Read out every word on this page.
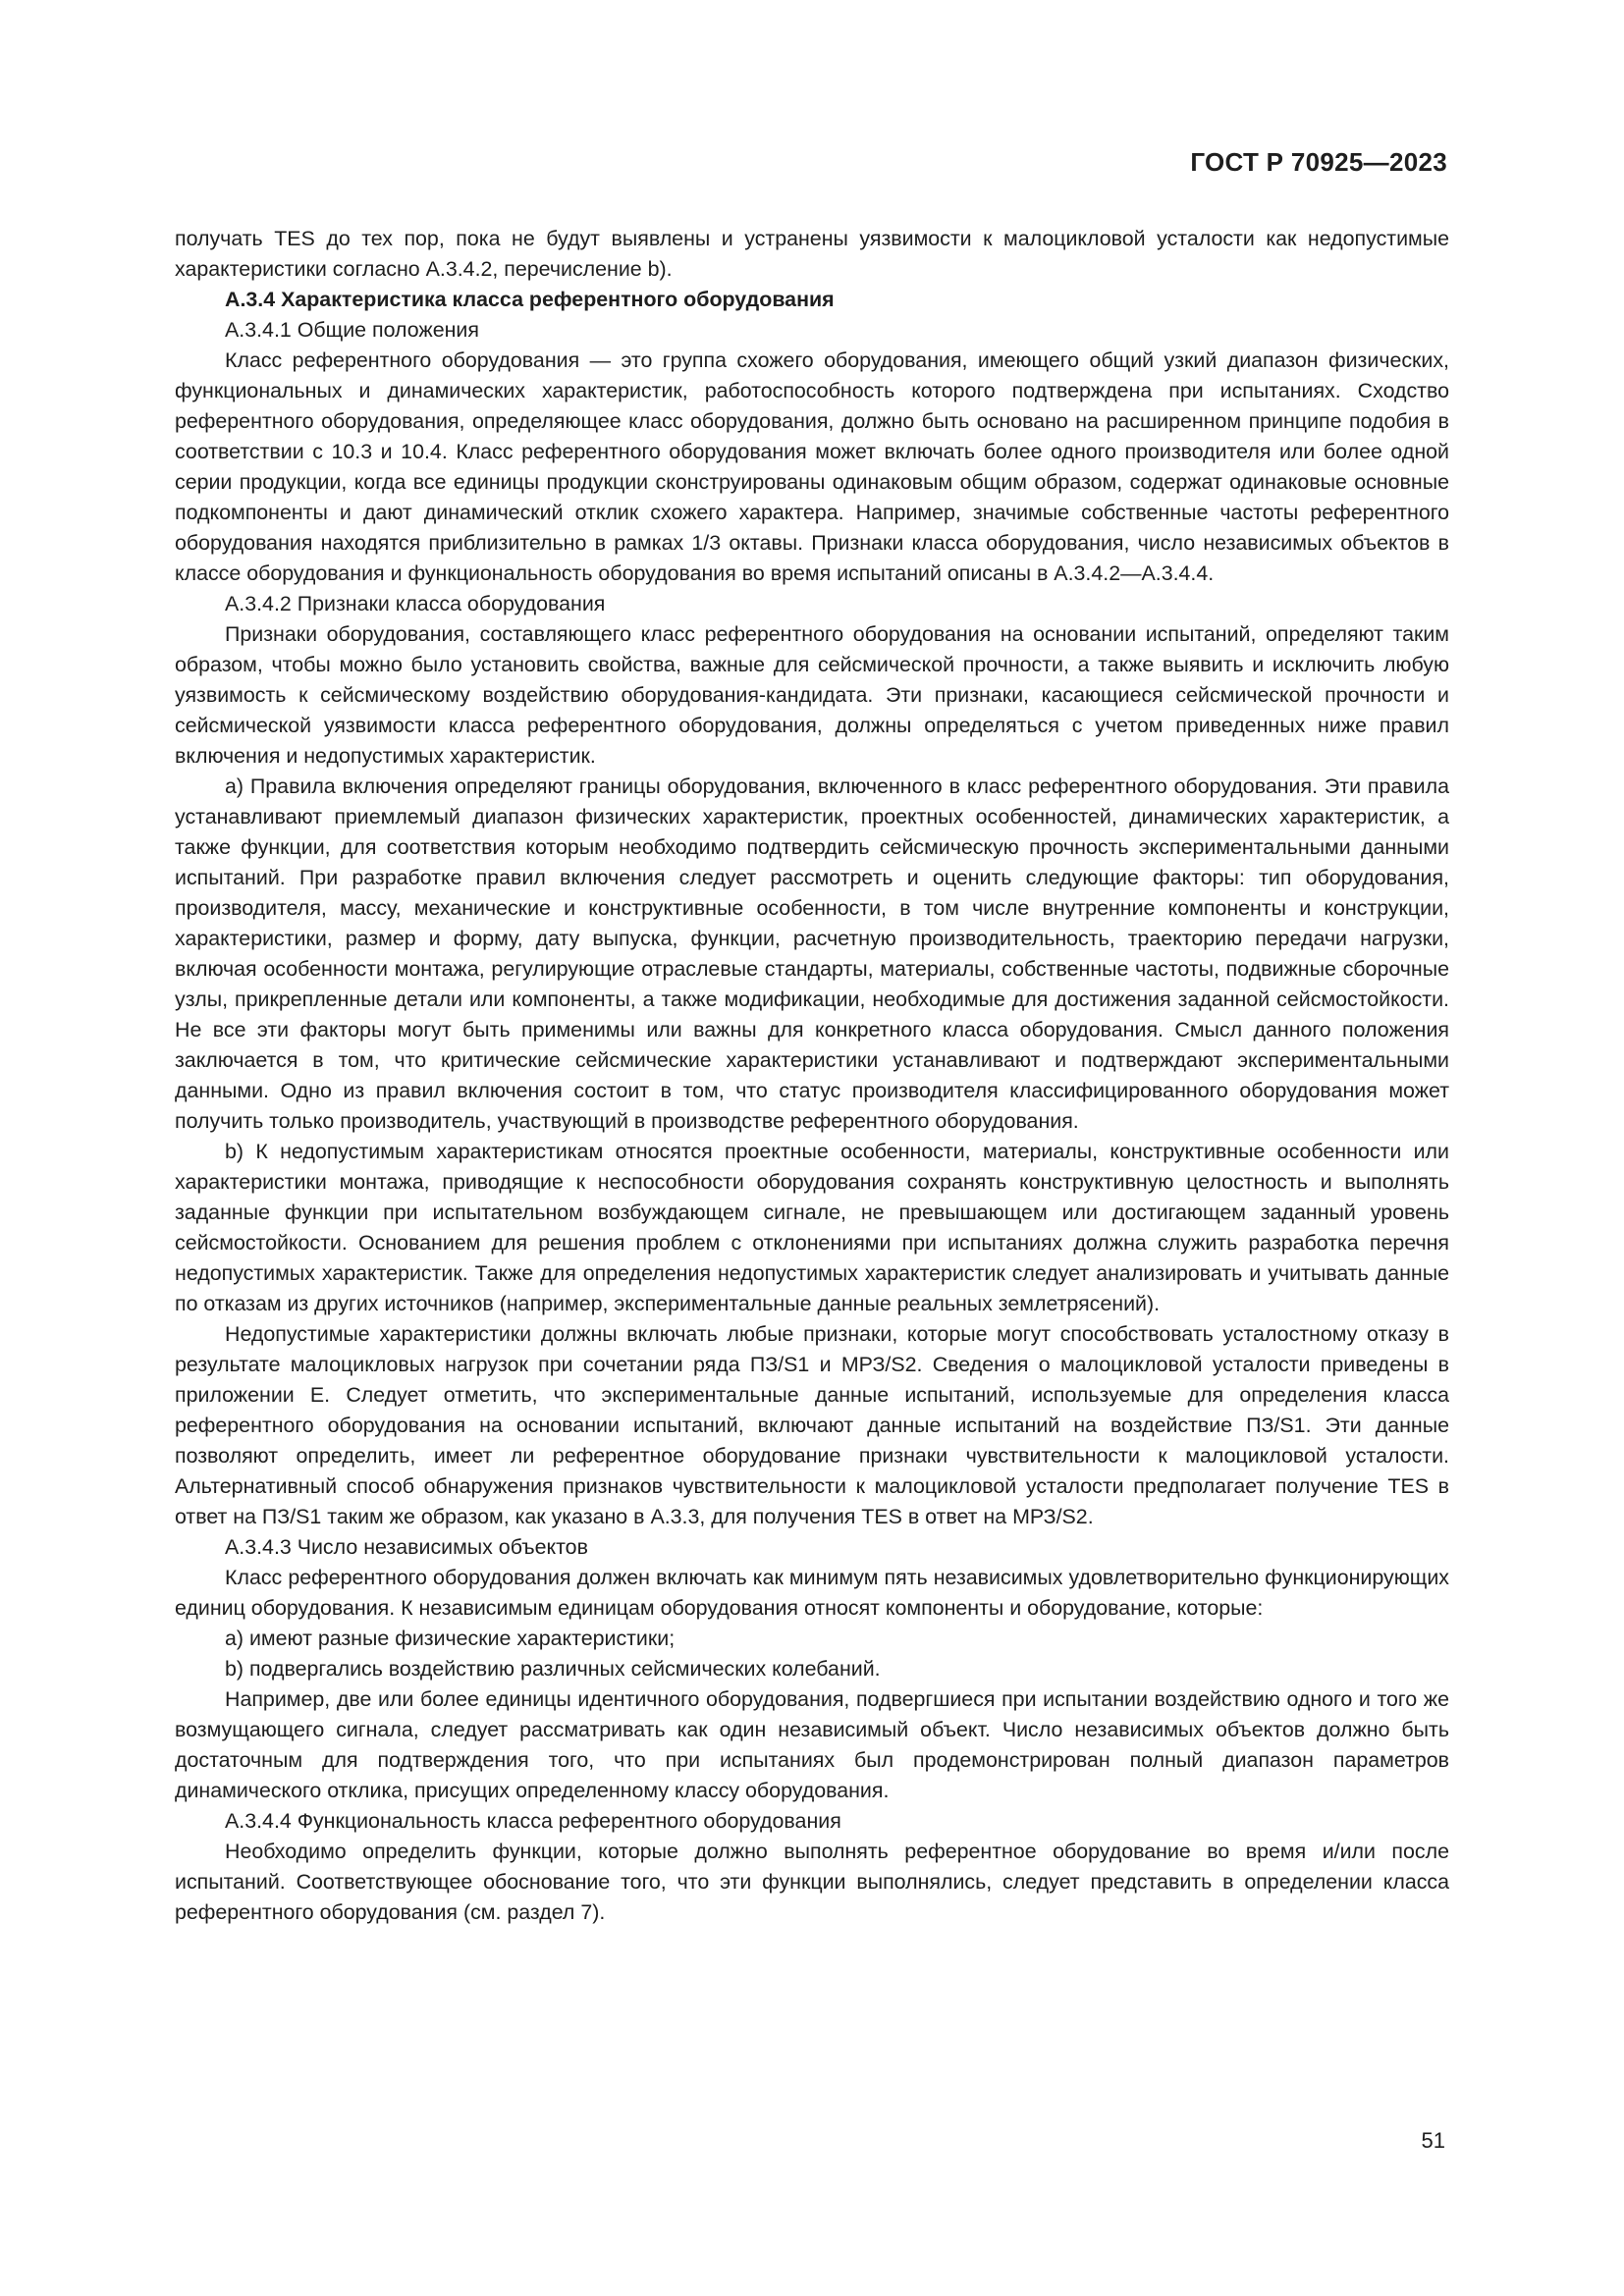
ГОСТ Р 70925—2023

получать TES до тех пор, пока не будут выявлены и устранены уязвимости к малоцикловой усталости как недопустимые характеристики согласно А.3.4.2, перечисление b).

А.3.4 Характеристика класса референтного оборудования

А.3.4.1 Общие положения

Класс референтного оборудования — это группа схожего оборудования, имеющего общий узкий диапазон физических, функциональных и динамических характеристик, работоспособность которого подтверждена при испытаниях. Сходство референтного оборудования, определяющее класс оборудования, должно быть основано на расширенном принципе подобия в соответствии с 10.3 и 10.4. Класс референтного оборудования может включать более одного производителя или более одной серии продукции, когда все единицы продукции сконструированы одинаковым общим образом, содержат одинаковые основные подкомпоненты и дают динамический отклик схожего характера. Например, значимые собственные частоты референтного оборудования находятся приблизительно в рамках 1/3 октавы. Признаки класса оборудования, число независимых объектов в классе оборудования и функциональность оборудования во время испытаний описаны в А.3.4.2—А.3.4.4.

А.3.4.2 Признаки класса оборудования

Признаки оборудования, составляющего класс референтного оборудования на основании испытаний, определяют таким образом, чтобы можно было установить свойства, важные для сейсмической прочности, а также выявить и исключить любую уязвимость к сейсмическому воздействию оборудования-кандидата. Эти признаки, касающиеся сейсмической прочности и сейсмической уязвимости класса референтного оборудования, должны определяться с учетом приведенных ниже правил включения и недопустимых характеристик.

а) Правила включения определяют границы оборудования, включенного в класс референтного оборудования. Эти правила устанавливают приемлемый диапазон физических характеристик, проектных особенностей, динамических характеристик, а также функции, для соответствия которым необходимо подтвердить сейсмическую прочность экспериментальными данными испытаний. При разработке правил включения следует рассмотреть и оценить следующие факторы: тип оборудования, производителя, массу, механические и конструктивные особенности, в том числе внутренние компоненты и конструкции, характеристики, размер и форму, дату выпуска, функции, расчетную производительность, траекторию передачи нагрузки, включая особенности монтажа, регулирующие отраслевые стандарты, материалы, собственные частоты, подвижные сборочные узлы, прикрепленные детали или компоненты, а также модификации, необходимые для достижения заданной сейсмостойкости. Не все эти факторы могут быть применимы или важны для конкретного класса оборудования. Смысл данного положения заключается в том, что критические сейсмические характеристики устанавливают и подтверждают экспериментальными данными. Одно из правил включения состоит в том, что статус производителя классифицированного оборудования может получить только производитель, участвующий в производстве референтного оборудования.

b) К недопустимым характеристикам относятся проектные особенности, материалы, конструктивные особенности или характеристики монтажа, приводящие к неспособности оборудования сохранять конструктивную целостность и выполнять заданные функции при испытательном возбуждающем сигнале, не превышающем или достигающем заданный уровень сейсмостойкости. Основанием для решения проблем с отклонениями при испытаниях должна служить разработка перечня недопустимых характеристик. Также для определения недопустимых характеристик следует анализировать и учитывать данные по отказам из других источников (например, экспериментальные данные реальных землетрясений).

Недопустимые характеристики должны включать любые признаки, которые могут способствовать усталостному отказу в результате малоцикловых нагрузок при сочетании ряда ПЗ/S1 и МРЗ/S2. Сведения о малоцикловой усталости приведены в приложении Е. Следует отметить, что экспериментальные данные испытаний, используемые для определения класса референтного оборудования на основании испытаний, включают данные испытаний на воздействие ПЗ/S1. Эти данные позволяют определить, имеет ли референтное оборудование признаки чувствительности к малоцикловой усталости. Альтернативный способ обнаружения признаков чувствительности к малоцикловой усталости предполагает получение TES в ответ на ПЗ/S1 таким же образом, как указано в А.3.3, для получения TES в ответ на МРЗ/S2.

А.3.4.3 Число независимых объектов

Класс референтного оборудования должен включать как минимум пять независимых удовлетворительно функционирующих единиц оборудования. К независимым единицам оборудования относят компоненты и оборудование, которые:

а) имеют разные физические характеристики;

b) подвергались воздействию различных сейсмических колебаний.

Например, две или более единицы идентичного оборудования, подвергшиеся при испытании воздействию одного и того же возмущающего сигнала, следует рассматривать как один независимый объект. Число независимых объектов должно быть достаточным для подтверждения того, что при испытаниях был продемонстрирован полный диапазон параметров динамического отклика, присущих определенному классу оборудования.

А.3.4.4 Функциональность класса референтного оборудования

Необходимо определить функции, которые должно выполнять референтное оборудование во время и/или после испытаний. Соответствующее обоснование того, что эти функции выполнялись, следует представить в определении класса референтного оборудования (см. раздел 7).

51
